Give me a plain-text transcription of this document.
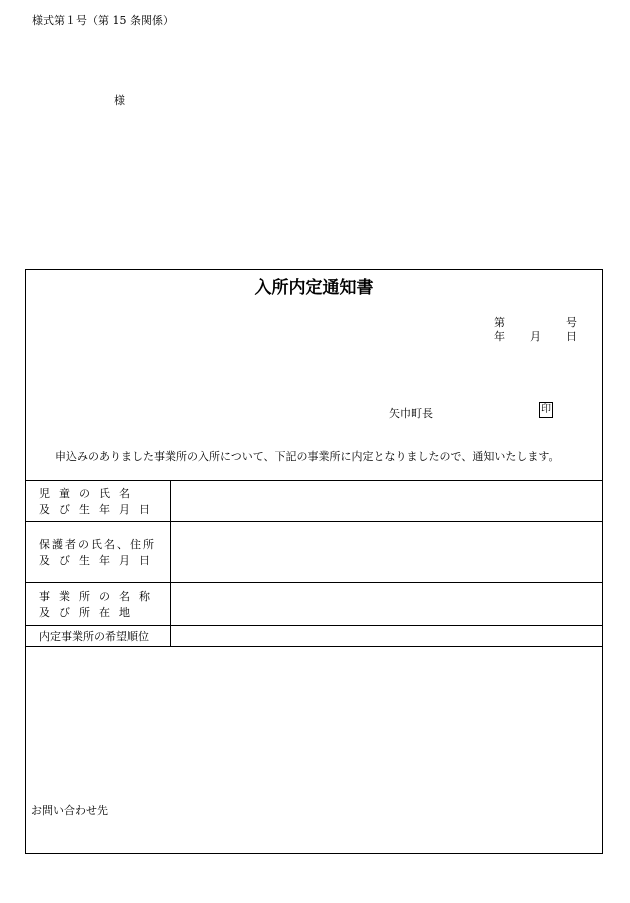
様式第１号（第 15 条関係）
様
入所内定通知書
第	号
年 月 日
矢巾町長	印
申込みのありました事業所の入所について、下記の事業所に内定となりましたので、通知いたします。
児童の氏名
及び生年月日
保護者の氏名、住所
及び生年月日
事業所の名称
及び所在地
内定事業所の希望順位
お問い合わせ先
